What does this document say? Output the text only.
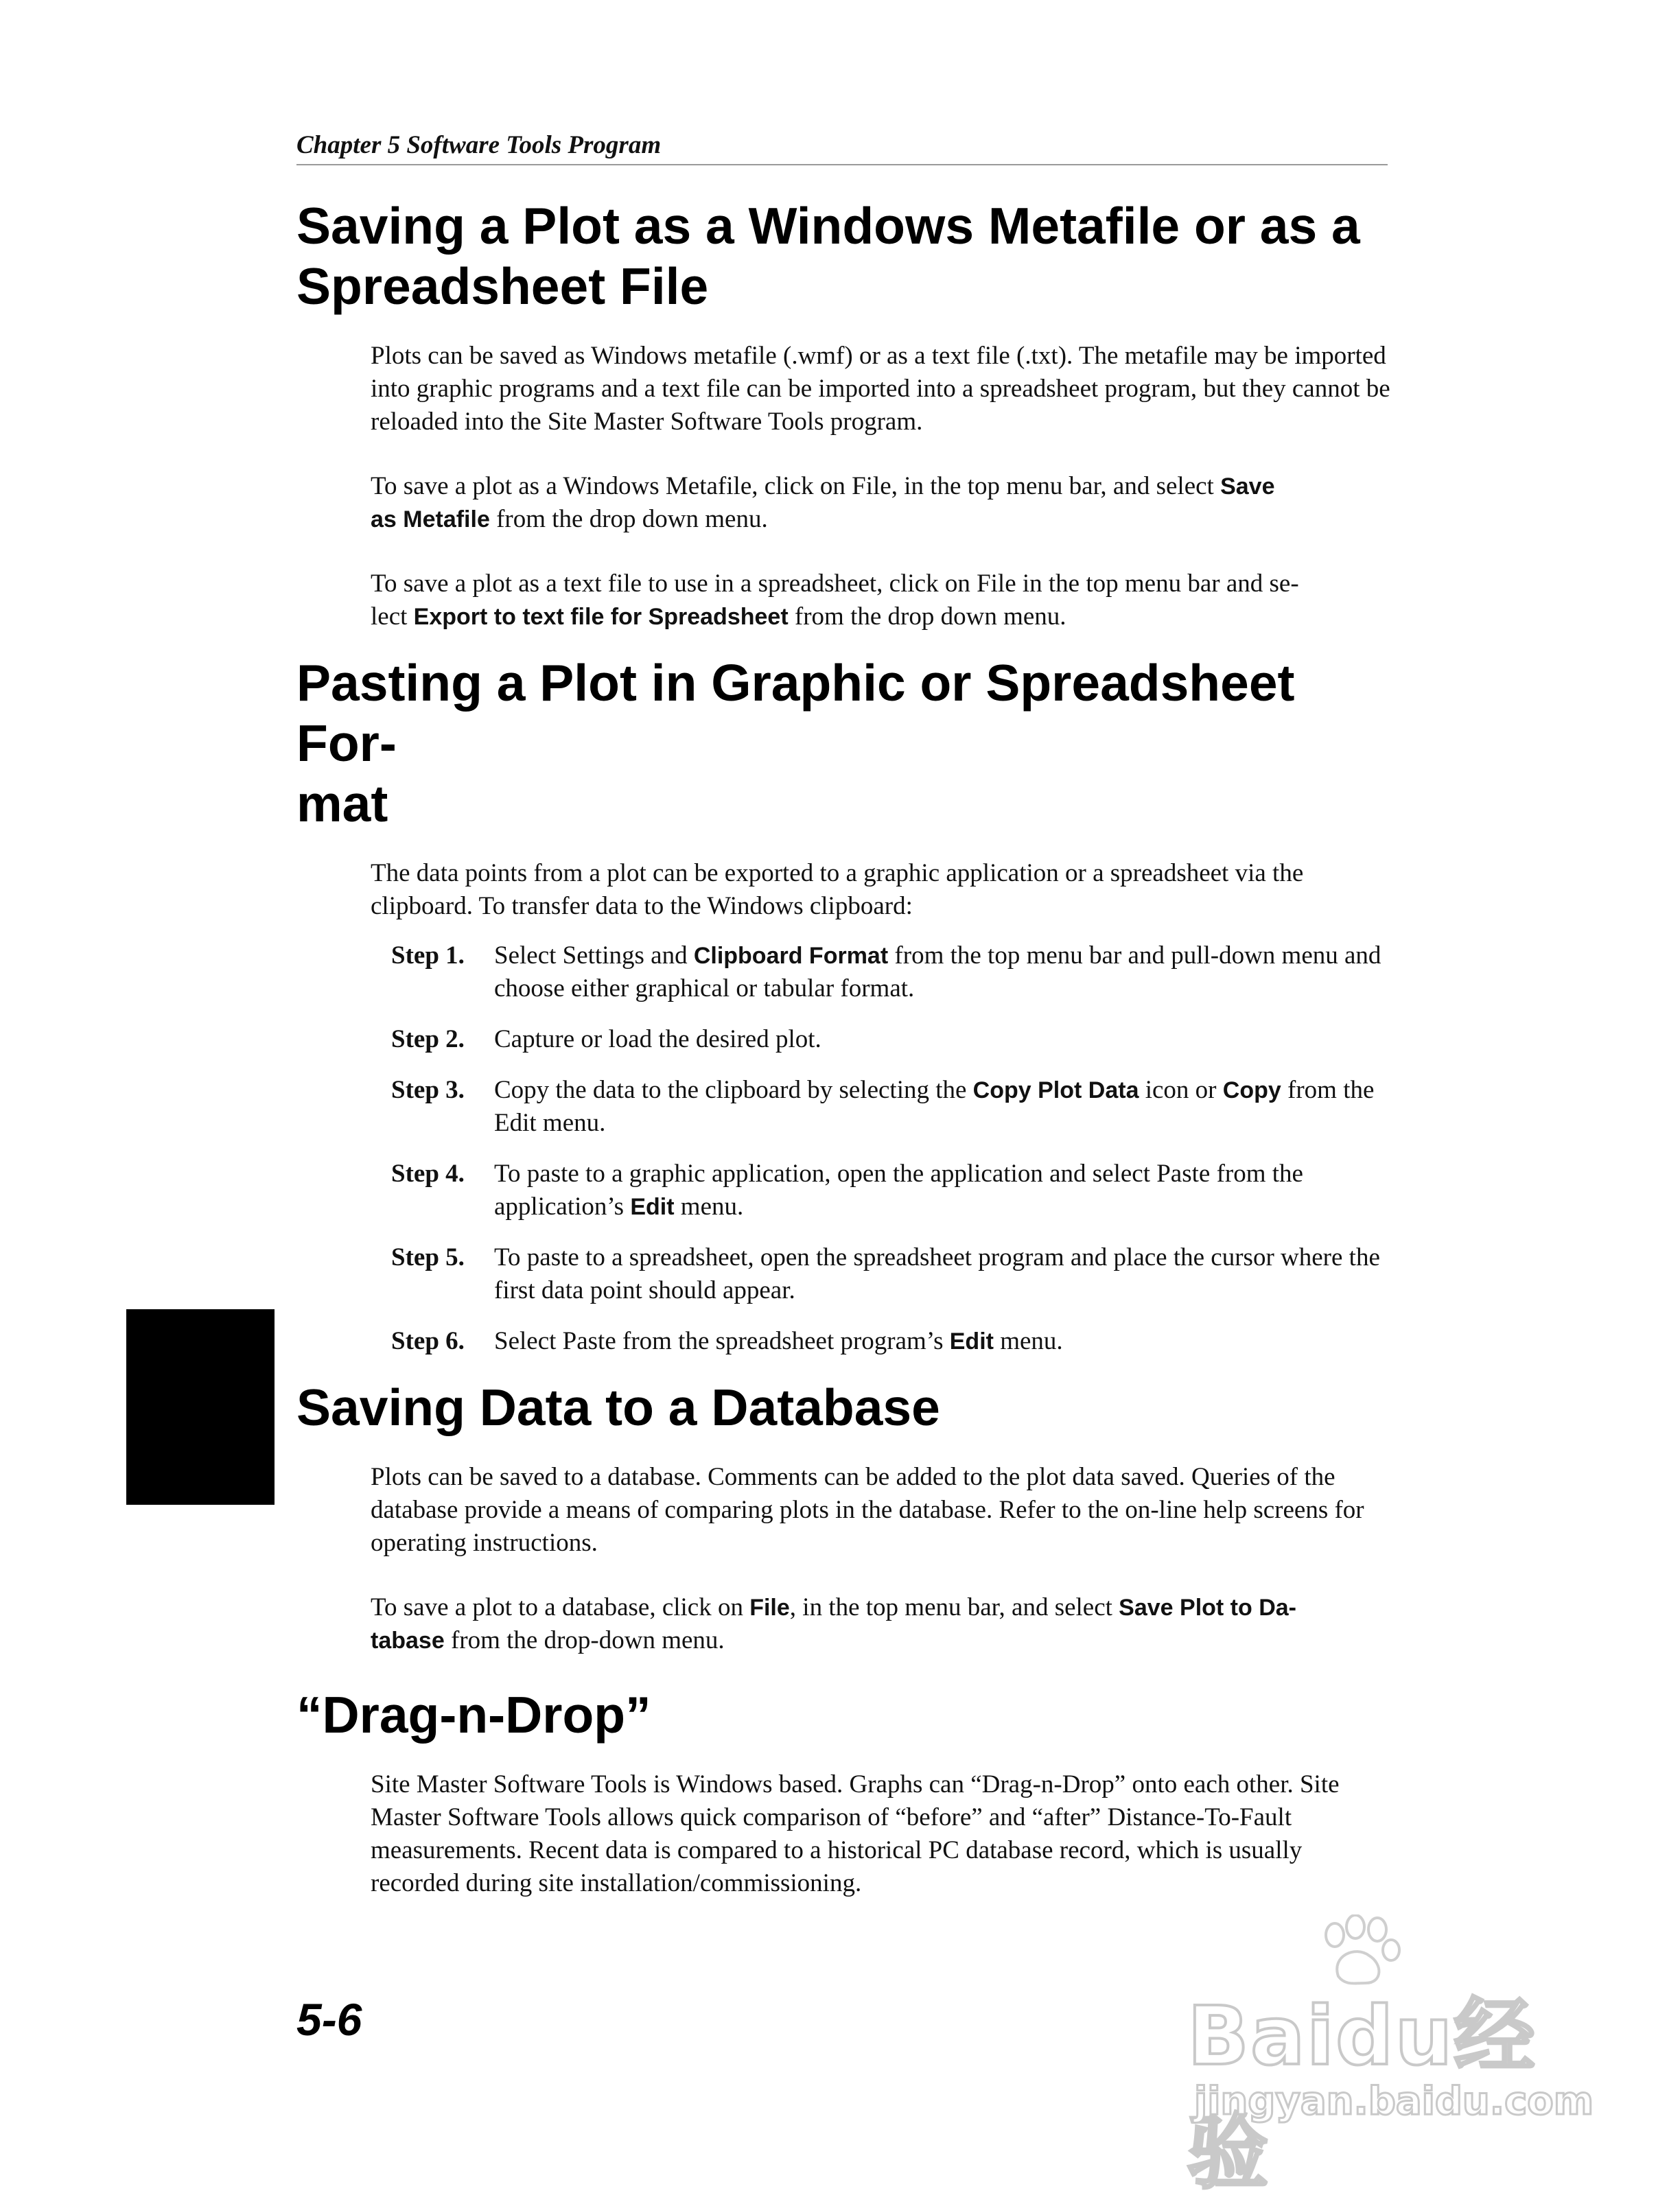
Chapter 5 Software Tools Program
Saving a Plot as a Windows Metafile or as a
Spreadsheet File

Plots can be saved as Windows metafile (.wmf) or as a text file (.txt). The metafile may be imported into graphic programs and a text file can be imported into a spreadsheet program, but they cannot be reloaded into the Site Master Software Tools program.

To save a plot as a Windows Metafile, click on File, in the top menu bar, and select Save
as Metafile from the drop down menu.

To save a plot as a text file to use in a spreadsheet, click on File in the top menu bar and se-
lect Export to text file for Spreadsheet from the drop down menu.

Pasting a Plot in Graphic or Spreadsheet For-
mat

The data points from a plot can be exported to a graphic application or a spreadsheet via the clipboard. To transfer data to the Windows clipboard:

Step 1.	Select Settings and Clipboard Format from the top menu bar and pull-down menu and choose either graphical or tabular format.
Step 2.	Capture or load the desired plot.
Step 3.	Copy the data to the clipboard by selecting the Copy Plot Data icon or Copy from the Edit menu.
Step 4.	To paste to a graphic application, open the application and select Paste from the application’s Edit menu.
Step 5.	To paste to a spreadsheet, open the spreadsheet program and place the cursor where the first data point should appear.
Step 6.	Select Paste from the spreadsheet program’s Edit menu.
Saving Data to a Database

Plots can be saved to a database. Comments can be added to the plot data saved. Queries of the database provide a means of comparing plots in the database. Refer to the on-line help screens for operating instructions.

To save a plot to a database, click on File, in the top menu bar, and select Save Plot to Da-
tabase from the drop-down menu.

“Drag-n-Drop”

Site Master Software Tools is Windows based. Graphs can “Drag-n-Drop” onto each other. Site Master Software Tools allows quick comparison of “before” and “after” Distance-To-Fault measurements. Recent data is compared to a historical PC database record, which is usually recorded during site installation/commissioning.

5-6	Baidu经验
jingyan.baidu.com
